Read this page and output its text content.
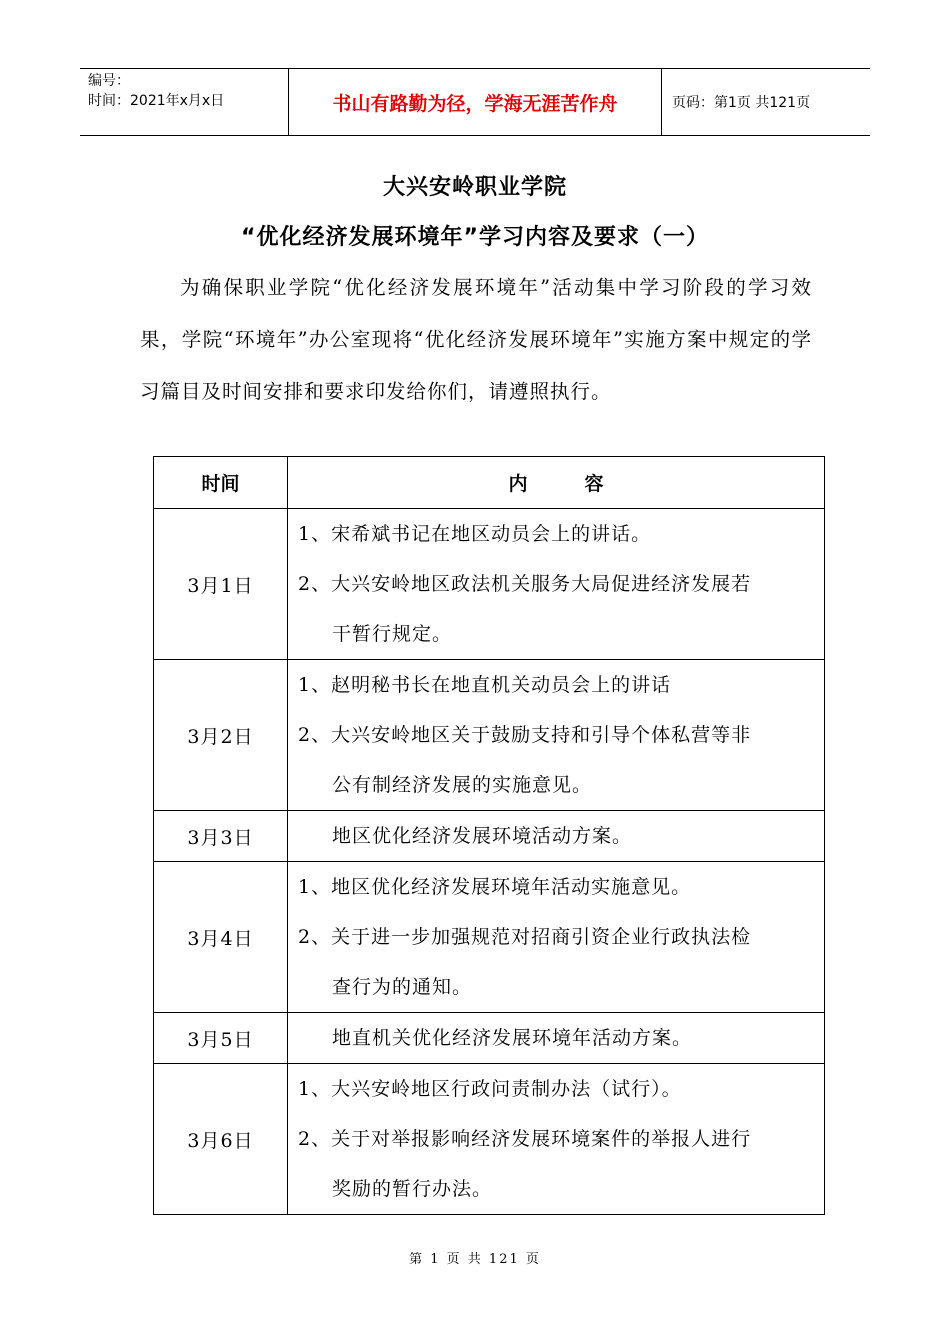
编号：
时间：2021年x月x日	书山有路勤为径，学海无涯苦作舟	页码：第1页 共121页
大兴安岭职业学院
“优化经济发展环境年”学习内容及要求（一）
为确保职业学院“优化经济发展环境年”活动集中学习阶段的学习效果，学院“环境年”办公室现将“优化经济发展环境年”实施方案中规定的学习篇目及时间安排和要求印发给你们，请遵照执行。
时间	内　　　容
3月1日	1、宋希斌书记在地区动员会上的讲话。
2、大兴安岭地区政法机关服务大局促进经济发展若
干暂行规定。

3月2日	1、赵明秘书长在地直机关动员会上的讲话
2、大兴安岭地区关于鼓励支持和引导个体私营等非
公有制经济发展的实施意见。

3月3日	地区优化经济发展环境活动方案。

3月4日	1、地区优化经济发展环境年活动实施意见。
2、关于进一步加强规范对招商引资企业行政执法检
查行为的通知。

3月5日	地直机关优化经济发展环境年活动方案。

3月6日	1、大兴安岭地区行政问责制办法（试行）。
2、关于对举报影响经济发展环境案件的举报人进行
奖励的暂行办法。
第 1 页 共 121 页
